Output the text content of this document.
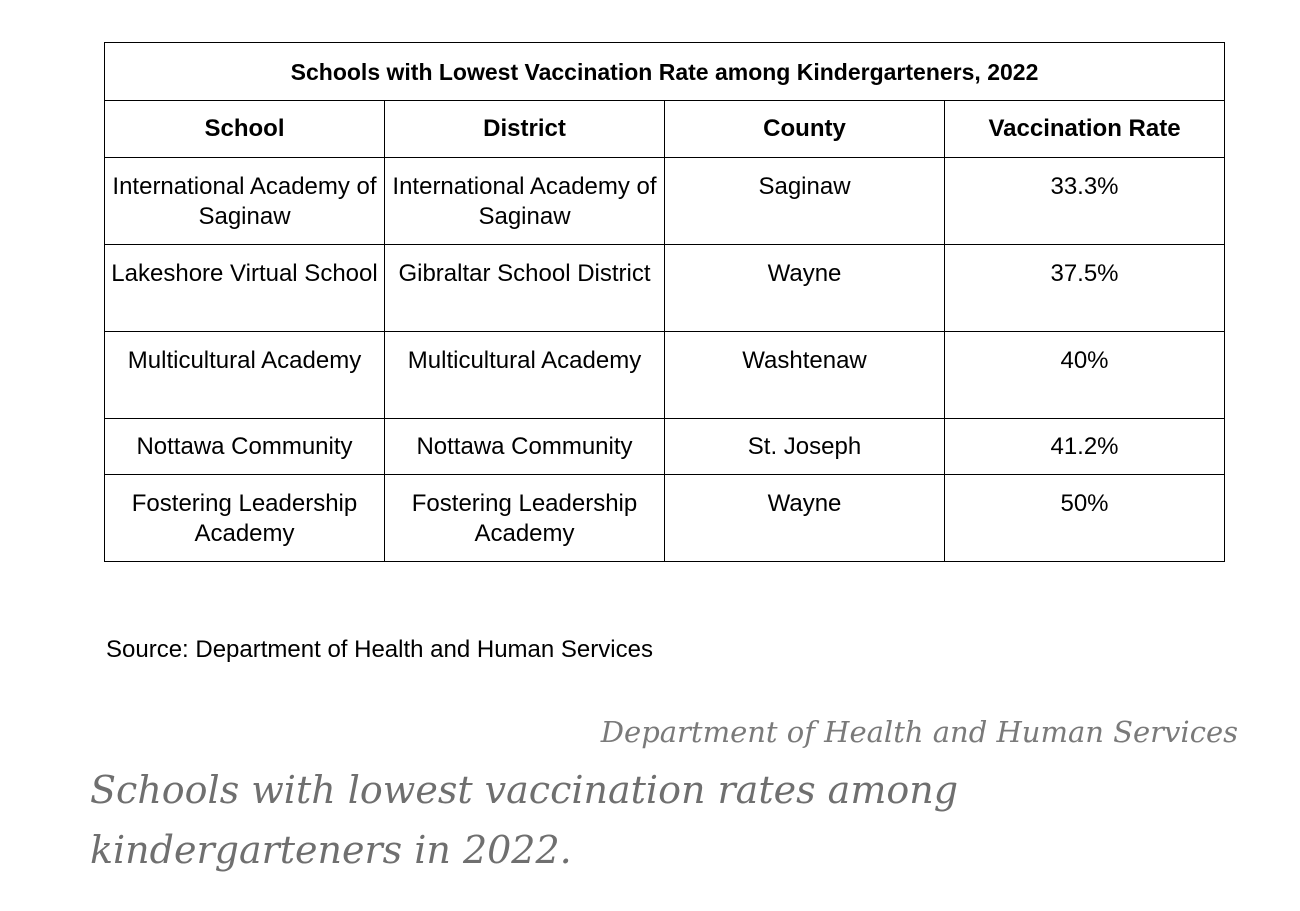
Schools with Lowest Vaccination Rate among Kindergarteners, 2022			
School	District	County	Vaccination Rate
International Academy of Saginaw	International Academy of Saginaw	Saginaw	33.3%
Lakeshore Virtual School	Gibraltar School District	Wayne	37.5%
Multicultural Academy	Multicultural Academy	Washtenaw	40%
Nottawa Community	Nottawa Community	St. Joseph	41.2%
Fostering Leadership Academy	Fostering Leadership Academy	Wayne	50%
Source: Department of Health and Human Services
Department of Health and Human Services
Schools with lowest vaccination rates among kindergarteners in 2022.
